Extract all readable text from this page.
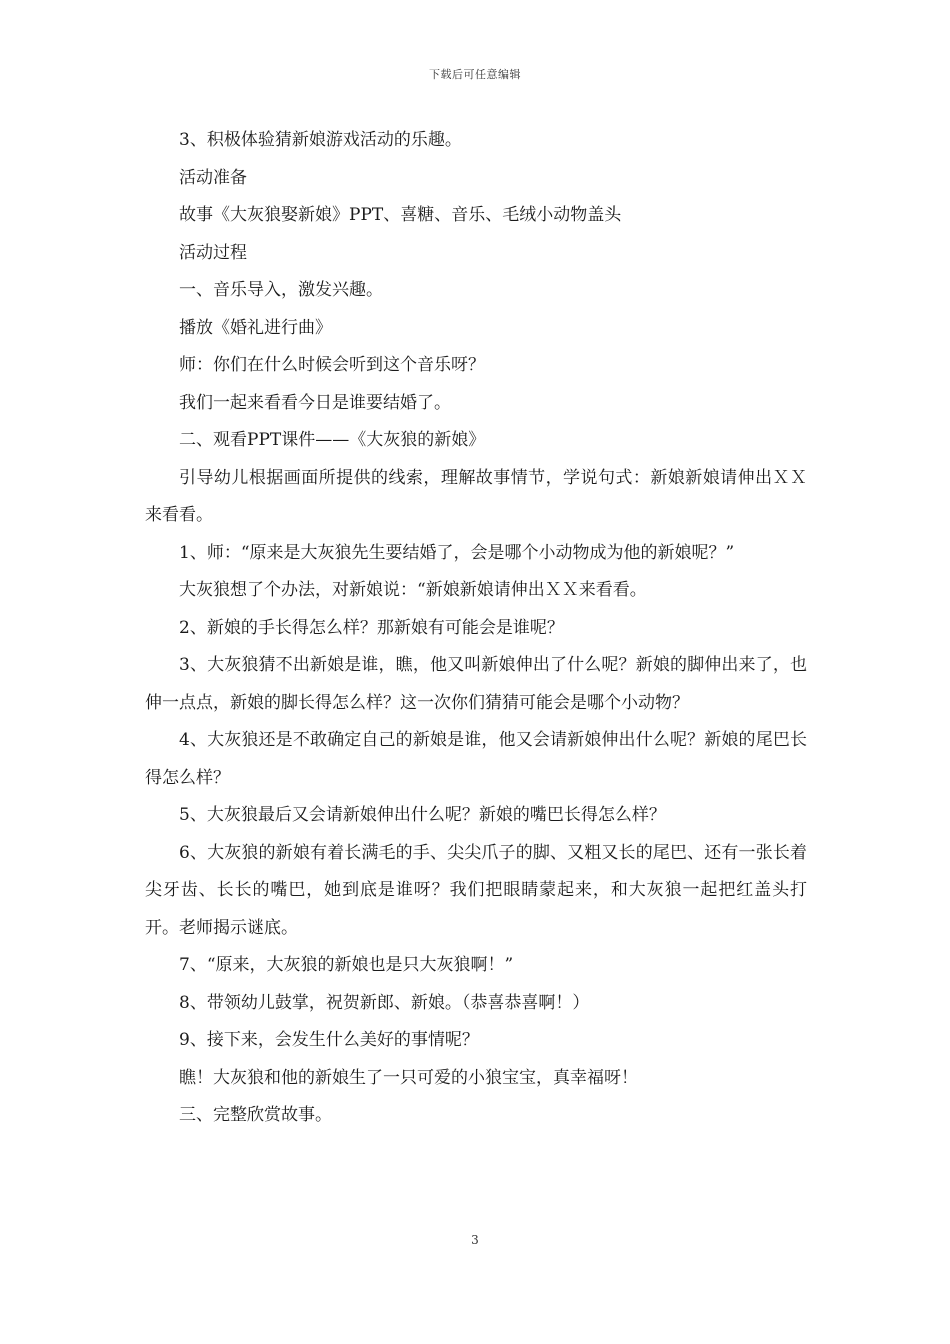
下载后可任意编辑

3、积极体验猜新娘游戏活动的乐趣。

活动准备

故事《大灰狼娶新娘》PPT、喜糖、音乐、毛绒小动物盖头

活动过程

一、音乐导入，激发兴趣。

播放《婚礼进行曲》

师：你们在什么时候会听到这个音乐呀？

我们一起来看看今日是谁要结婚了。

二、观看PPT课件——《大灰狼的新娘》

引导幼儿根据画面所提供的线索，理解故事情节，学说句式：新娘新娘请伸出ＸＸ来看看。

1、师：“原来是大灰狼先生要结婚了，会是哪个小动物成为他的新娘呢？”

大灰狼想了个办法，对新娘说：“新娘新娘请伸出ＸＸ来看看。

2、新娘的手长得怎么样？那新娘有可能会是谁呢？

3、大灰狼猜不出新娘是谁，瞧，他又叫新娘伸出了什么呢？新娘的脚伸出来了，也伸一点点，新娘的脚长得怎么样？这一次你们猜猜可能会是哪个小动物？

4、大灰狼还是不敢确定自己的新娘是谁，他又会请新娘伸出什么呢？新娘的尾巴长得怎么样？

5、大灰狼最后又会请新娘伸出什么呢？新娘的嘴巴长得怎么样？

6、大灰狼的新娘有着长满毛的手、尖尖爪子的脚、又粗又长的尾巴、还有一张长着尖牙齿、长长的嘴巴，她到底是谁呀？我们把眼睛蒙起来，和大灰狼一起把红盖头打开。老师揭示谜底。

7、“原来，大灰狼的新娘也是只大灰狼啊！”

8、带领幼儿鼓掌，祝贺新郎、新娘。（恭喜恭喜啊！）

9、接下来，会发生什么美好的事情呢？

瞧！大灰狼和他的新娘生了一只可爱的小狼宝宝，真幸福呀！

三、完整欣赏故事。

3
